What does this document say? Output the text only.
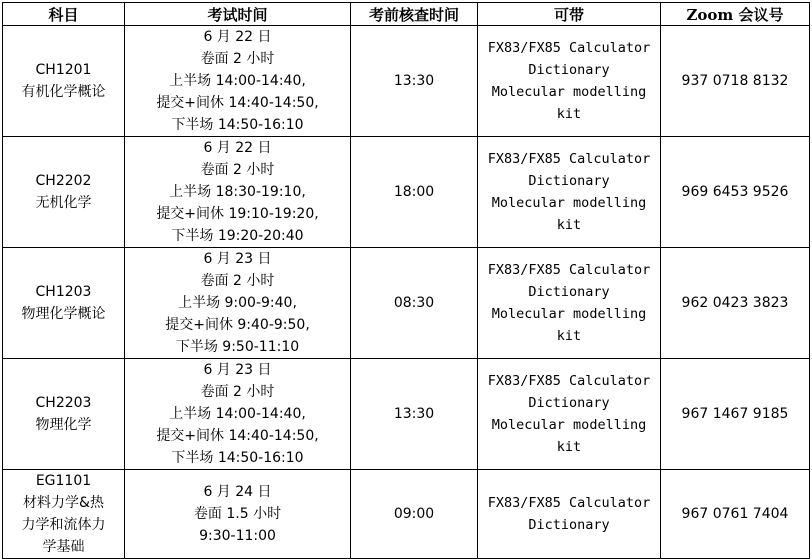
科目	考试时间	考前核查时间	可带	Zoom 会议号

CH1201
有机化学概论	6 月 22 日
卷面 2 小时
上半场 14:00-14:40,
提交+间休 14:40-14:50,
下半场 14:50-16:10	13:30	FX83/FX85 Calculator
Dictionary
Molecular modelling
kit	937 0718 8132

CH2202
无机化学	6 月 22 日
卷面 2 小时
上半场 18:30-19:10,
提交+间休 19:10-19:20,
下半场 19:20-20:40	18:00	FX83/FX85 Calculator
Dictionary
Molecular modelling
kit	969 6453 9526

CH1203
物理化学概论	6 月 23 日
卷面 2 小时
上半场 9:00-9:40,
提交+间休 9:40-9:50,
下半场 9:50-11:10	08:30	FX83/FX85 Calculator
Dictionary
Molecular modelling
kit	962 0423 3823

CH2203
物理化学	6 月 23 日
卷面 2 小时
上半场 14:00-14:40,
提交+间休 14:40-14:50,
下半场 14:50-16:10	13:30	FX83/FX85 Calculator
Dictionary
Molecular modelling
kit	967 1467 9185

EG1101
材料力学&热
力学和流体力
学基础	6 月 24 日
卷面 1.5 小时
9:30-11:00	09:00	FX83/FX85 Calculator
Dictionary	967 0761 7404
